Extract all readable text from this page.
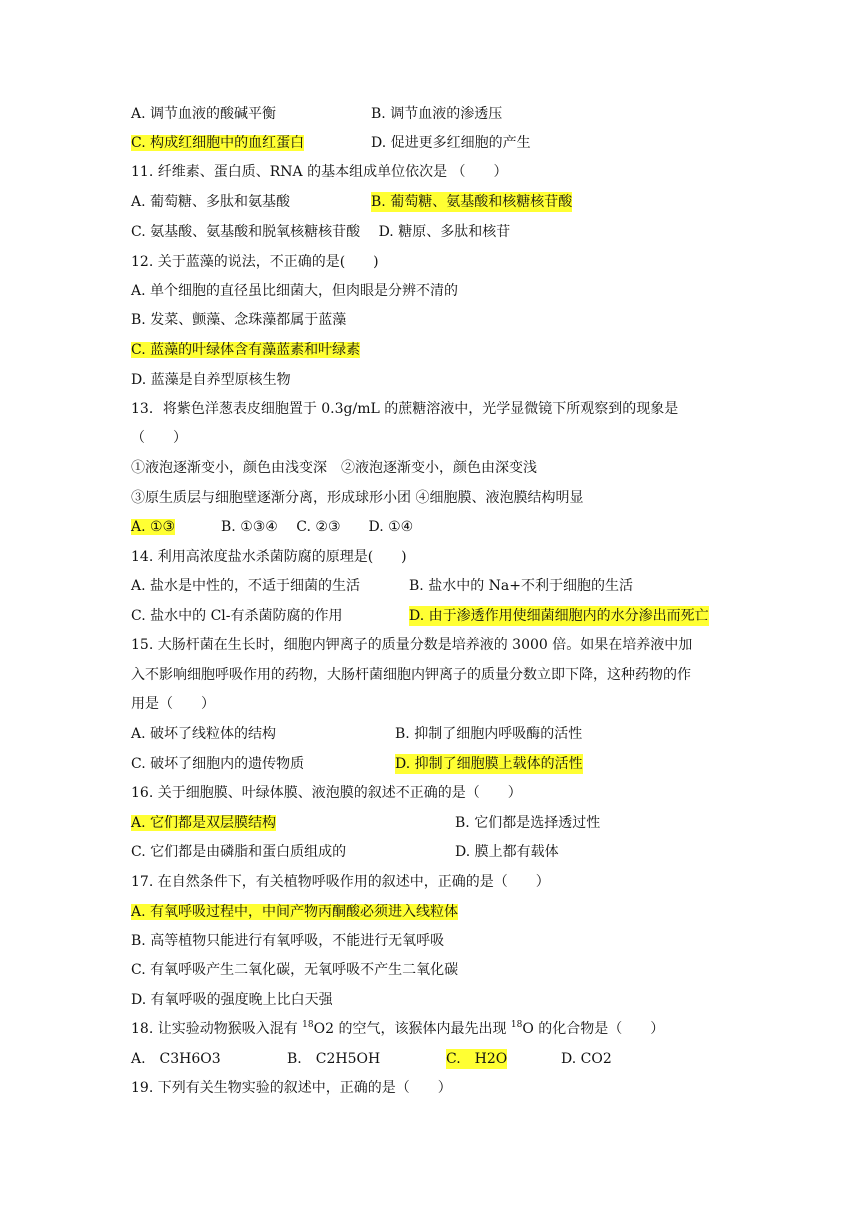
A. 调节血液的酸碱平衡	B. 调节血液的渗透压
C. 构成红细胞中的血红蛋白	D. 促进更多红细胞的产生
11. 纤维素、蛋白质、RNA 的基本组成单位依次是 （　　）
A. 葡萄糖、多肽和氨基酸	B. 葡萄糖、氨基酸和核糖核苷酸
C. 氨基酸、氨基酸和脱氧核糖核苷酸　 D. 糖原、多肽和核苷
12. 关于蓝藻的说法，不正确的是(　　)
A. 单个细胞的直径虽比细菌大，但肉眼是分辨不清的
B. 发菜、颤藻、念珠藻都属于蓝藻
C. 蓝藻的叶绿体含有藻蓝素和叶绿素
D. 蓝藻是自养型原核生物
13．将紫色洋葱表皮细胞置于 0.3g/mL 的蔗糖溶液中，光学显微镜下所观察到的现象是
（　　）
①液泡逐渐变小，颜色由浅变深　②液泡逐渐变小，颜色由深变浅
③原生质层与细胞壁逐渐分离，形成球形小团 ④细胞膜、液泡膜结构明显
A. ①③	B. ①③④　 C. ②③　　D. ①④
14. 利用高浓度盐水杀菌防腐的原理是(　　)
A. 盐水是中性的，不适于细菌的生活	B. 盐水中的 Na+不利于细胞的生活
C. 盐水中的 Cl-有杀菌防腐的作用	D. 由于渗透作用使细菌细胞内的水分渗出而死亡
15. 大肠杆菌在生长时，细胞内钾离子的质量分数是培养液的 3000 倍。如果在培养液中加
入不影响细胞呼吸作用的药物，大肠杆菌细胞内钾离子的质量分数立即下降，这种药物的作
用是（　　）
A. 破坏了线粒体的结构	B. 抑制了细胞内呼吸酶的活性
C. 破坏了细胞内的遗传物质	D. 抑制了细胞膜上载体的活性
16. 关于细胞膜、叶绿体膜、液泡膜的叙述不正确的是（　　）
A. 它们都是双层膜结构	B. 它们都是选择透过性
C. 它们都是由磷脂和蛋白质组成的	D. 膜上都有载体
17. 在自然条件下，有关植物呼吸作用的叙述中，正确的是（　　）
A. 有氧呼吸过程中，中间产物丙酮酸必须进入线粒体
B. 高等植物只能进行有氧呼吸，不能进行无氧呼吸
C. 有氧呼吸产生二氧化碳，无氧呼吸不产生二氧化碳
D. 有氧呼吸的强度晚上比白天强
18. 让实验动物猴吸入混有 $^{18}$O2 的空气，该猴体内最先出现 $^{18}$O 的化合物是（　　）
A.　C3H6O3	B.　C2H5OH	C.　H2O	D. CO2
19. 下列有关生物实验的叙述中，正确的是（　　）
